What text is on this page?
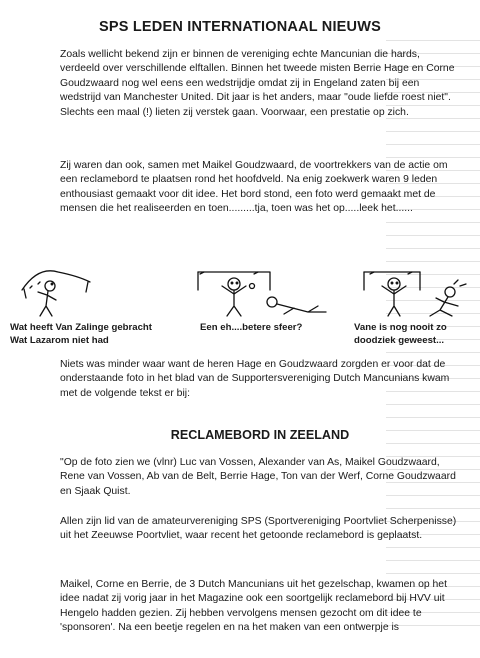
SPS LEDEN INTERNATIONAAL NIEUWS

Zoals wellicht bekend zijn er binnen de vereniging echte Mancunian die hards, verdeeld over verschillende elftallen. Binnen het tweede misten Berrie Hage en Corne Goudzwaard nog wel eens een wedstrijdje omdat zij in Engeland zaten bij een wedstrijd van Manchester United. Dit jaar is het anders, maar "oude liefde roest niet". Slechts een maal (!) lieten zij verstek gaan. Voorwaar, een prestatie op zich.

Zij waren dan ook, samen met Maikel Goudzwaard, de voortrekkers van de actie om een reclamebord te plaatsen rond het hoofdveld. Na enig zoekwerk waren 9 leden enthousiast gemaakt voor dit idee. Het bord stond, een foto werd gemaakt met de mensen die het realiseerden en toen.........tja, toen was het op.....leek het......

Wat heeft Van Zalinge gebracht
Wat Lazarom niet had

Een eh....betere sfeer?	Vane is nog nooit zo doodziek geweest...

Niets was minder waar want de heren Hage en Goudzwaard zorgden er voor dat de onderstaande foto in het blad van de Supportersvereniging Dutch Mancunians kwam met de volgende tekst er bij:

RECLAMEBORD IN ZEELAND

"Op de foto zien we (vlnr) Luc van Vossen, Alexander van As, Maikel Goudzwaard, Rene van Vossen, Ab van de Belt, Berrie Hage, Ton van der Werf, Corne Goudzwaard en Sjaak Quist.

Allen zijn lid van de amateurvereniging SPS (Sportvereniging Poortvliet Scherpenisse) uit het Zeeuwse Poortvliet, waar recent het getoonde reclamebord is geplaatst.

Maikel, Corne en Berrie, de 3 Dutch Mancunians uit het gezelschap, kwamen op het idee nadat zij vorig jaar in het Magazine ook een soortgelijk reclamebord bij HVV uit Hengelo hadden gezien. Zij hebben vervolgens mensen gezocht om dit idee te 'sponsoren'. Na een beetje regelen en na het maken van een ontwerpje is
